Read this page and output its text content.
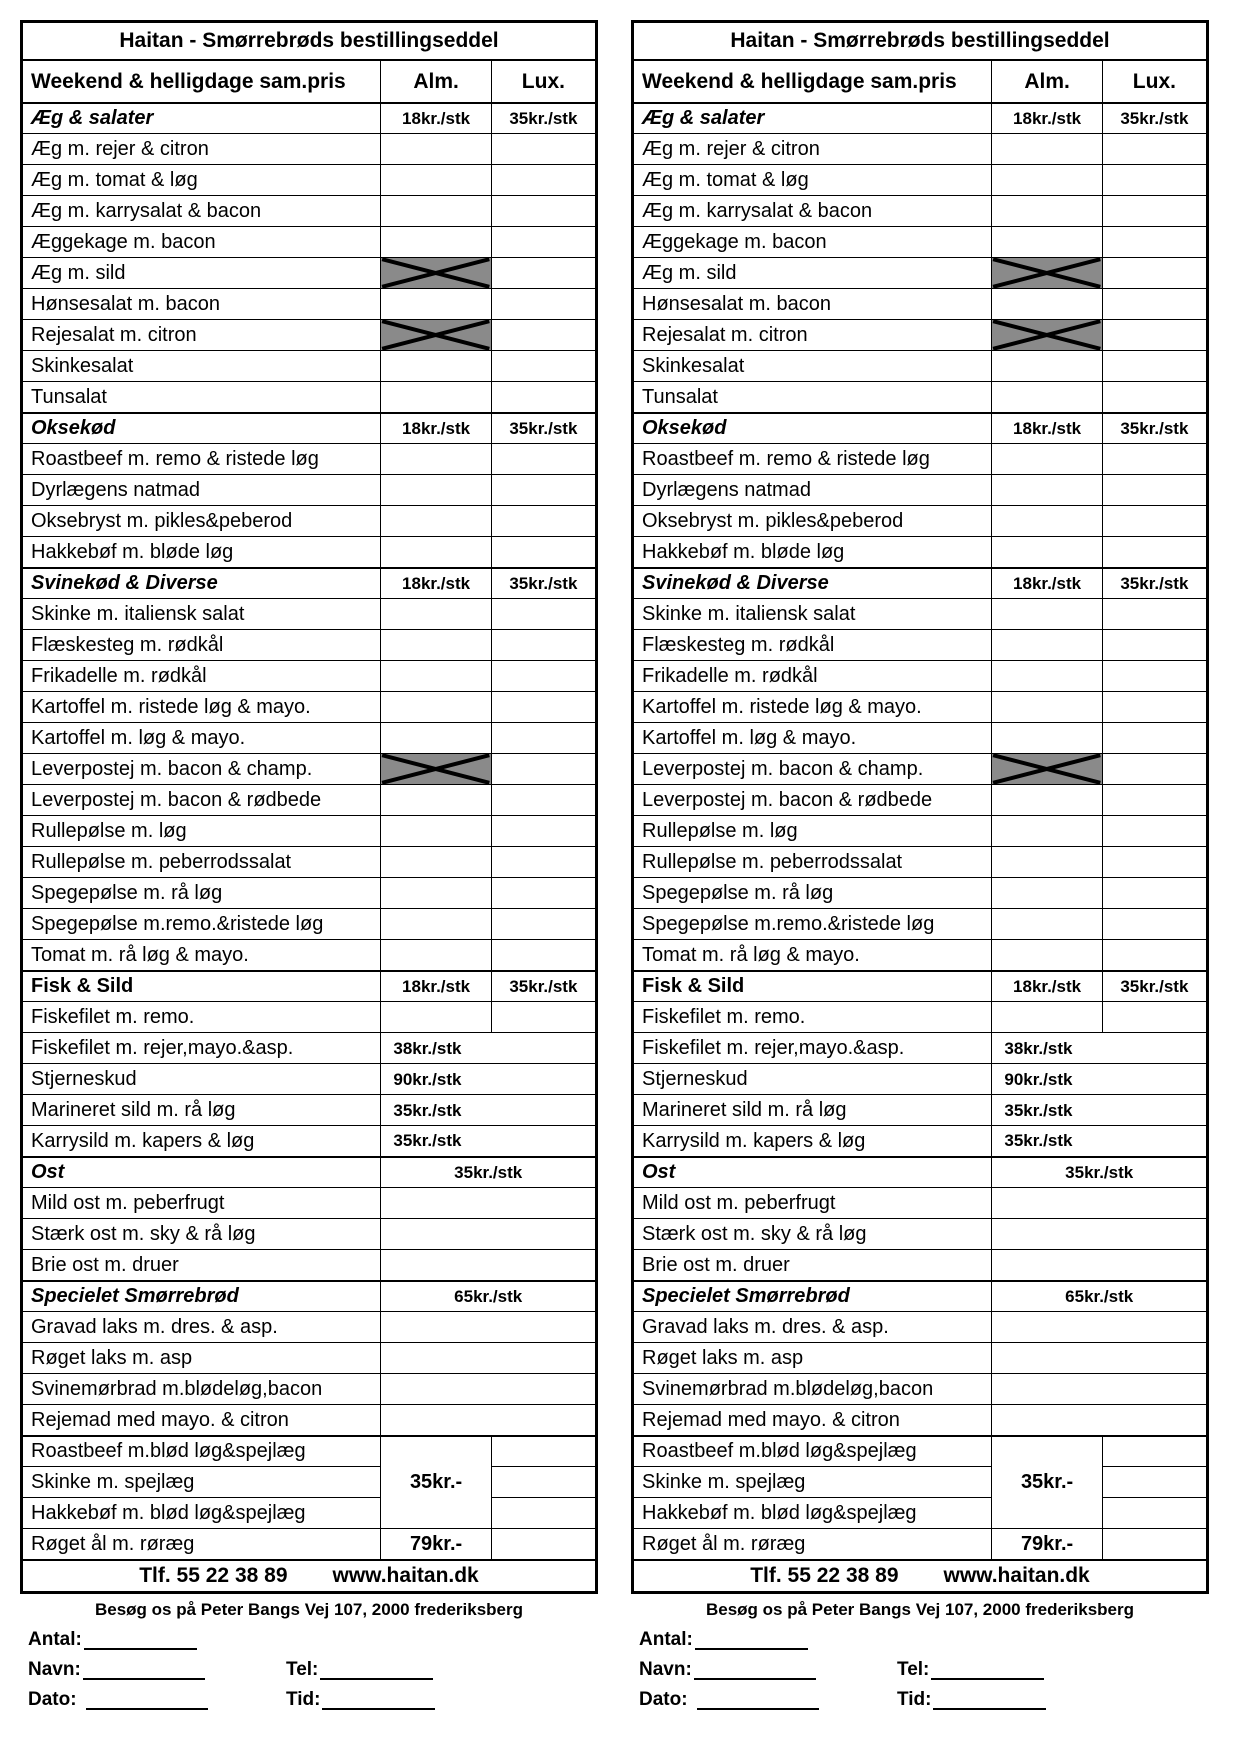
Haitan - Smørrebrøds bestillingseddel		
Weekend & helligdage sam.pris	Alm.	Lux.
Æg & salater	18kr./stk	35kr./stk
Æg m. rejer & citron		
Æg m. tomat & løg		
Æg m. karrysalat & bacon		
Æggekage m. bacon		
Æg m. sild	

Hønsesalat m. bacon		
Rejesalat m. citron	

Skinkesalat		
Tunsalat		
Oksekød	18kr./stk	35kr./stk
Roastbeef m. remo & ristede løg		
Dyrlægens natmad		
Oksebryst m. pikles&peberod		
Hakkebøf m. bløde løg		
Svinekød & Diverse	18kr./stk	35kr./stk
Skinke m. italiensk salat		
Flæskesteg m. rødkål		
Frikadelle m. rødkål		
Kartoffel m. ristede løg & mayo.		
Kartoffel m. løg & mayo.		
Leverpostej m. bacon & champ.	

Leverpostej m. bacon & rødbede		
Rullepølse m. løg		
Rullepølse m. peberrodssalat		
Spegepølse m. rå løg		
Spegepølse m.remo.&ristede løg		
Tomat m. rå løg & mayo.		
Fisk & Sild	18kr./stk	35kr./stk
Fiskefilet m. remo.		
Fiskefilet m. rejer,mayo.&asp.	38kr./stk	
Stjerneskud	90kr./stk	
Marineret sild m. rå løg	35kr./stk	
Karrysild m. kapers & løg	35kr./stk	
Ost	35kr./stk	
Mild ost m. peberfrugt		
Stærk ost m. sky & rå løg		
Brie ost m. druer		
Specielet Smørrebrød	65kr./stk	
Gravad laks m. dres. & asp.		
Røget laks m. asp		
Svinemørbrad m.blødeløg,bacon		
Rejemad med mayo. & citron		
Roastbeef m.blød løg&spejlæg	35kr.-	
Skinke m. spejlæg		
Hakkebøf m. blød løg&spejlæg		
Røget ål m. røræg	79kr.-	

Tlf. 55 22 38 89 www.haitan.dk		
Besøg os på Peter Bangs Vej 107, 2000 frederiksberg
Antal:
Navn:	Tel:
Dato:	Tid:
Haitan - Smørrebrøds bestillingseddel		
Weekend & helligdage sam.pris	Alm.	Lux.
Æg & salater	18kr./stk	35kr./stk
Æg m. rejer & citron		
Æg m. tomat & løg		
Æg m. karrysalat & bacon		
Æggekage m. bacon		
Æg m. sild	

Hønsesalat m. bacon		
Rejesalat m. citron	

Skinkesalat		
Tunsalat		
Oksekød	18kr./stk	35kr./stk
Roastbeef m. remo & ristede løg		
Dyrlægens natmad		
Oksebryst m. pikles&peberod		
Hakkebøf m. bløde løg		
Svinekød & Diverse	18kr./stk	35kr./stk
Skinke m. italiensk salat		
Flæskesteg m. rødkål		
Frikadelle m. rødkål		
Kartoffel m. ristede løg & mayo.		
Kartoffel m. løg & mayo.		
Leverpostej m. bacon & champ.	

Leverpostej m. bacon & rødbede		
Rullepølse m. løg		
Rullepølse m. peberrodssalat		
Spegepølse m. rå løg		
Spegepølse m.remo.&ristede løg		
Tomat m. rå løg & mayo.		
Fisk & Sild	18kr./stk	35kr./stk
Fiskefilet m. remo.		
Fiskefilet m. rejer,mayo.&asp.	38kr./stk	
Stjerneskud	90kr./stk	
Marineret sild m. rå løg	35kr./stk	
Karrysild m. kapers & løg	35kr./stk	
Ost	35kr./stk	
Mild ost m. peberfrugt		
Stærk ost m. sky & rå løg		
Brie ost m. druer		
Specielet Smørrebrød	65kr./stk	
Gravad laks m. dres. & asp.		
Røget laks m. asp		
Svinemørbrad m.blødeløg,bacon		
Rejemad med mayo. & citron		
Roastbeef m.blød løg&spejlæg	35kr.-	
Skinke m. spejlæg		
Hakkebøf m. blød løg&spejlæg		
Røget ål m. røræg	79kr.-	

Tlf. 55 22 38 89 www.haitan.dk		
Besøg os på Peter Bangs Vej 107, 2000 frederiksberg
Antal:
Navn:	Tel:
Dato:	Tid:
